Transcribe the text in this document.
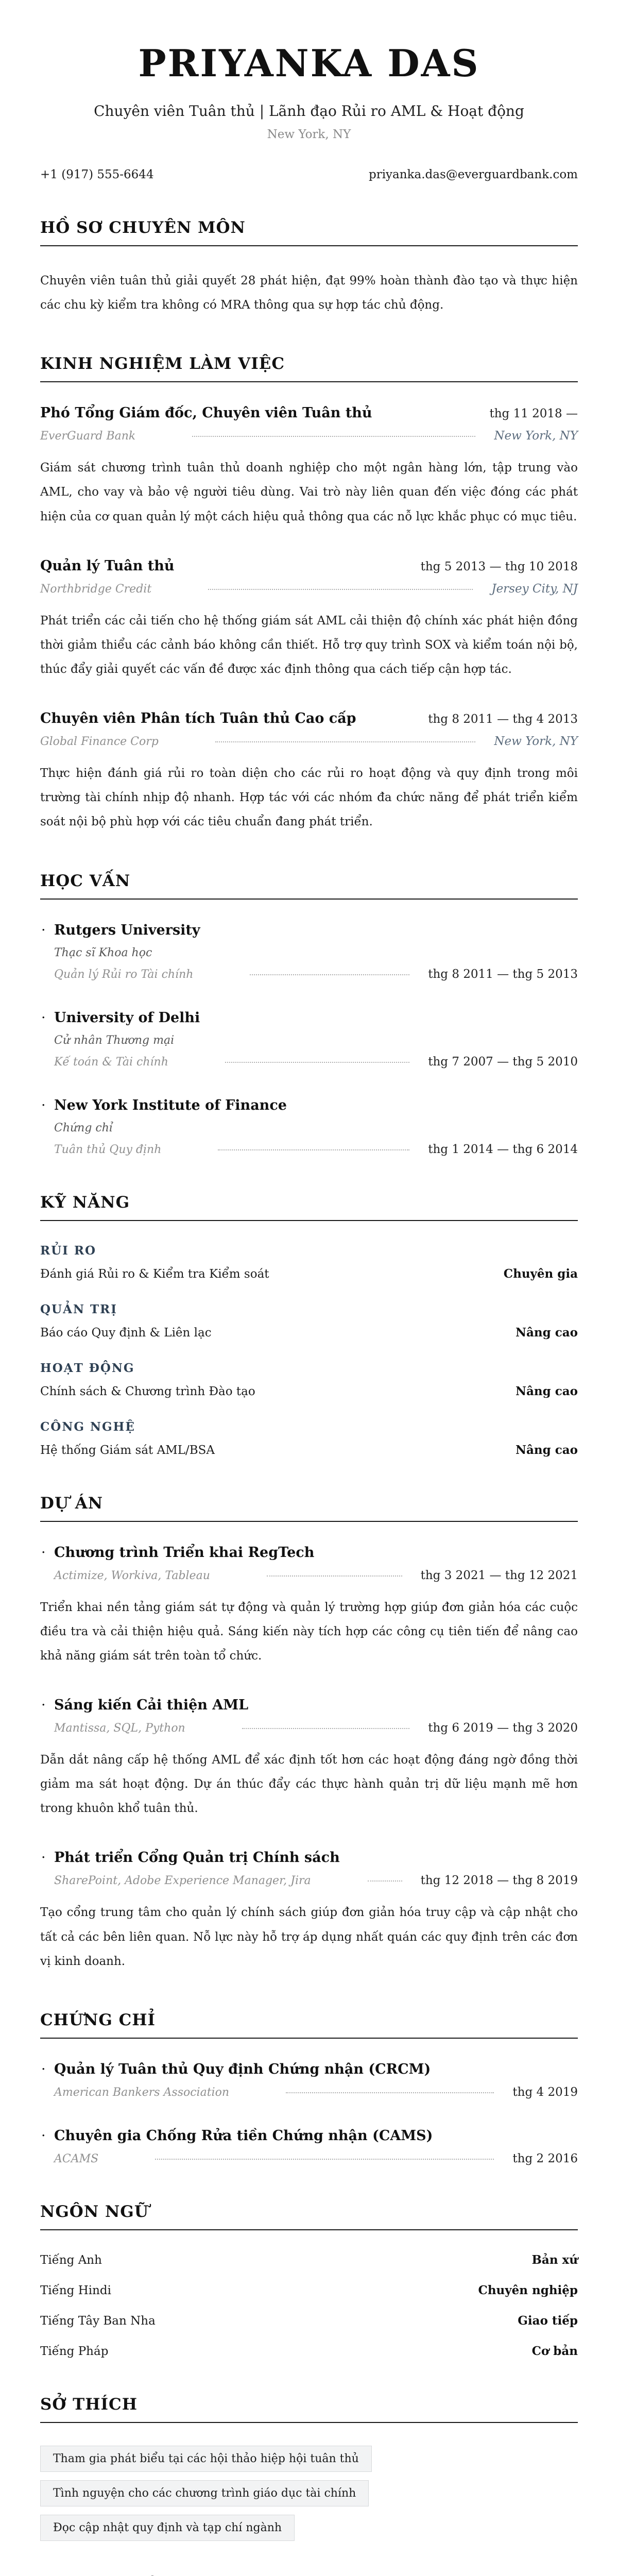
PRIYANKA DAS
Chuyên viên Tuân thủ | Lãnh đạo Rủi ro AML & Hoạt động
New York, NY
+1 (917) 555-6644	priyanka.das@everguardbank.com
HỒ SƠ CHUYÊN MÔN

Chuyên viên tuân thủ giải quyết 28 phát hiện, đạt 99% hoàn thành đào tạo và thực hiện các chu kỳ kiểm tra không có MRA thông qua sự hợp tác chủ động.

KINH NGHIỆM LÀM VIỆC
Phó Tổng Giám đốc, Chuyên viên Tuân thủ	thg 11 2018 —
EverGuard Bank	New York, NY

Giám sát chương trình tuân thủ doanh nghiệp cho một ngân hàng lớn, tập trung vào AML, cho vay và bảo vệ người tiêu dùng. Vai trò này liên quan đến việc đóng các phát hiện của cơ quan quản lý một cách hiệu quả thông qua các nỗ lực khắc phục có mục tiêu.

Quản lý Tuân thủ	thg 5 2013 — thg 10 2018
Northbridge Credit	Jersey City, NJ

Phát triển các cải tiến cho hệ thống giám sát AML cải thiện độ chính xác phát hiện đồng thời giảm thiểu các cảnh báo không cần thiết. Hỗ trợ quy trình SOX và kiểm toán nội bộ, thúc đẩy giải quyết các vấn đề được xác định thông qua cách tiếp cận hợp tác.

Chuyên viên Phân tích Tuân thủ Cao cấp	thg 8 2011 — thg 4 2013
Global Finance Corp	New York, NY

Thực hiện đánh giá rủi ro toàn diện cho các rủi ro hoạt động và quy định trong môi trường tài chính nhịp độ nhanh. Hợp tác với các nhóm đa chức năng để phát triển kiểm soát nội bộ phù hợp với các tiêu chuẩn đang phát triển.

HỌC VẤN
· Rutgers University
Thạc sĩ Khoa học
Quản lý Rủi ro Tài chính	thg 8 2011 — thg 5 2013
· University of Delhi
Cử nhân Thương mại
Kế toán & Tài chính	thg 7 2007 — thg 5 2010
· New York Institute of Finance
Chứng chỉ
Tuân thủ Quy định	thg 1 2014 — thg 6 2014
KỸ NĂNG
RỦI RO
Đánh giá Rủi ro & Kiểm tra Kiểm soát	Chuyên gia
QUẢN TRỊ
Báo cáo Quy định & Liên lạc	Nâng cao
HOẠT ĐỘNG
Chính sách & Chương trình Đào tạo	Nâng cao
CÔNG NGHỆ
Hệ thống Giám sát AML/BSA	Nâng cao
DỰ ÁN
· Chương trình Triển khai RegTech
Actimize, Workiva, Tableau	thg 3 2021 — thg 12 2021

Triển khai nền tảng giám sát tự động và quản lý trường hợp giúp đơn giản hóa các cuộc điều tra và cải thiện hiệu quả. Sáng kiến này tích hợp các công cụ tiên tiến để nâng cao khả năng giám sát trên toàn tổ chức.

· Sáng kiến Cải thiện AML
Mantissa, SQL, Python	thg 6 2019 — thg 3 2020

Dẫn dắt nâng cấp hệ thống AML để xác định tốt hơn các hoạt động đáng ngờ đồng thời giảm ma sát hoạt động. Dự án thúc đẩy các thực hành quản trị dữ liệu mạnh mẽ hơn trong khuôn khổ tuân thủ.

· Phát triển Cổng Quản trị Chính sách
SharePoint, Adobe Experience Manager, Jira	thg 12 2018 — thg 8 2019

Tạo cổng trung tâm cho quản lý chính sách giúp đơn giản hóa truy cập và cập nhật cho tất cả các bên liên quan. Nỗ lực này hỗ trợ áp dụng nhất quán các quy định trên các đơn vị kinh doanh.

CHỨNG CHỈ
· Quản lý Tuân thủ Quy định Chứng nhận (CRCM)
American Bankers Association	thg 4 2019
· Chuyên gia Chống Rửa tiền Chứng nhận (CAMS)
ACAMS	thg 2 2016
NGÔN NGỮ
Tiếng Anh	Bản xứ
Tiếng Hindi	Chuyên nghiệp
Tiếng Tây Ban Nha	Giao tiếp
Tiếng Pháp	Cơ bản
SỞ THÍCH
Tham gia phát biểu tại các hội thảo hiệp hội tuân thủ
Tình nguyện cho các chương trình giáo dục tài chính
Đọc cập nhật quy định và tạp chí ngành
